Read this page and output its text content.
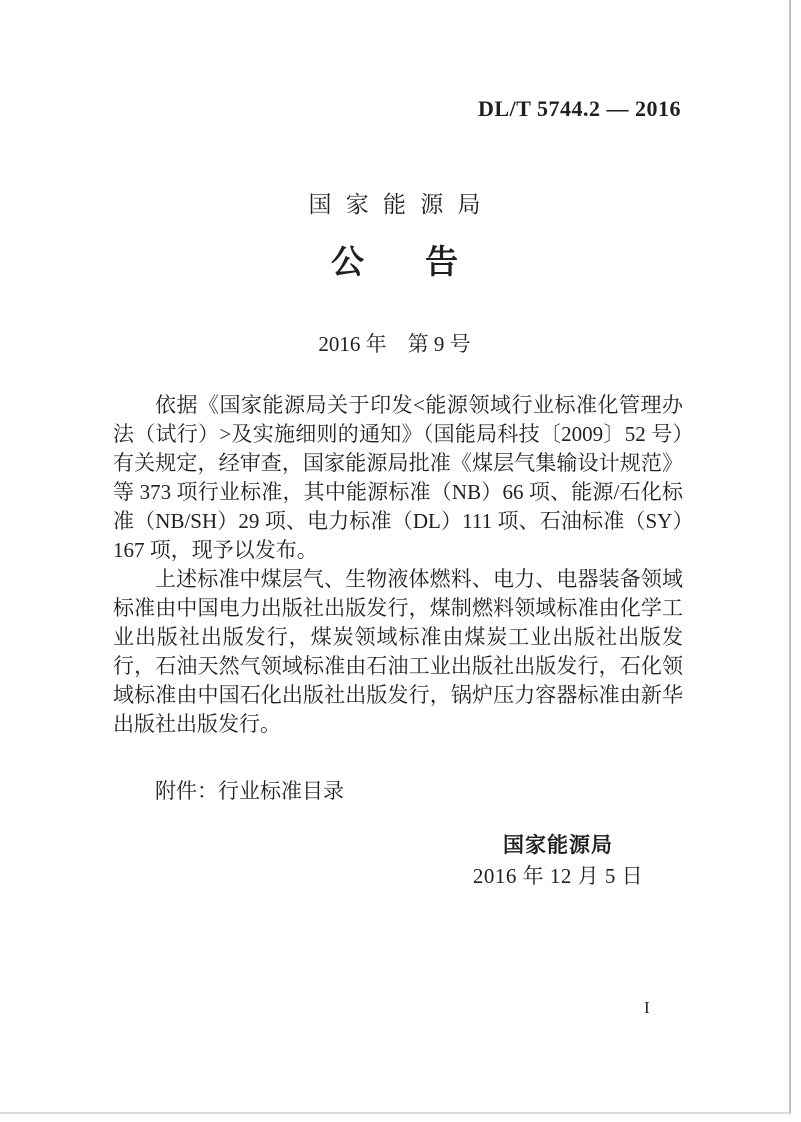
DL/T 5744.2 — 2016
国家能源局
公告
2016 年　第 9 号

依据《国家能源局关于印发<能源领域行业标准化管理办法（试行）>及实施细则的通知》（国能局科技〔2009〕52 号）有关规定，经审查，国家能源局批准《煤层气集输设计规范》等 373 项行业标准，其中能源标准（NB）66 项、能源/石化标准（NB/SH）29 项、电力标准（DL）111 项、石油标准（SY）167 项，现予以发布。

上述标准中煤层气、生物液体燃料、电力、电器装备领域标准由中国电力出版社出版发行，煤制燃料领域标准由化学工业出版社出版发行，煤炭领域标准由煤炭工业出版社出版发行，石油天然气领域标准由石油工业出版社出版发行，石化领域标准由中国石化出版社出版发行，锅炉压力容器标准由新华出版社出版发行。

附件：行业标准目录
国家能源局
2016 年 12 月 5 日
I
